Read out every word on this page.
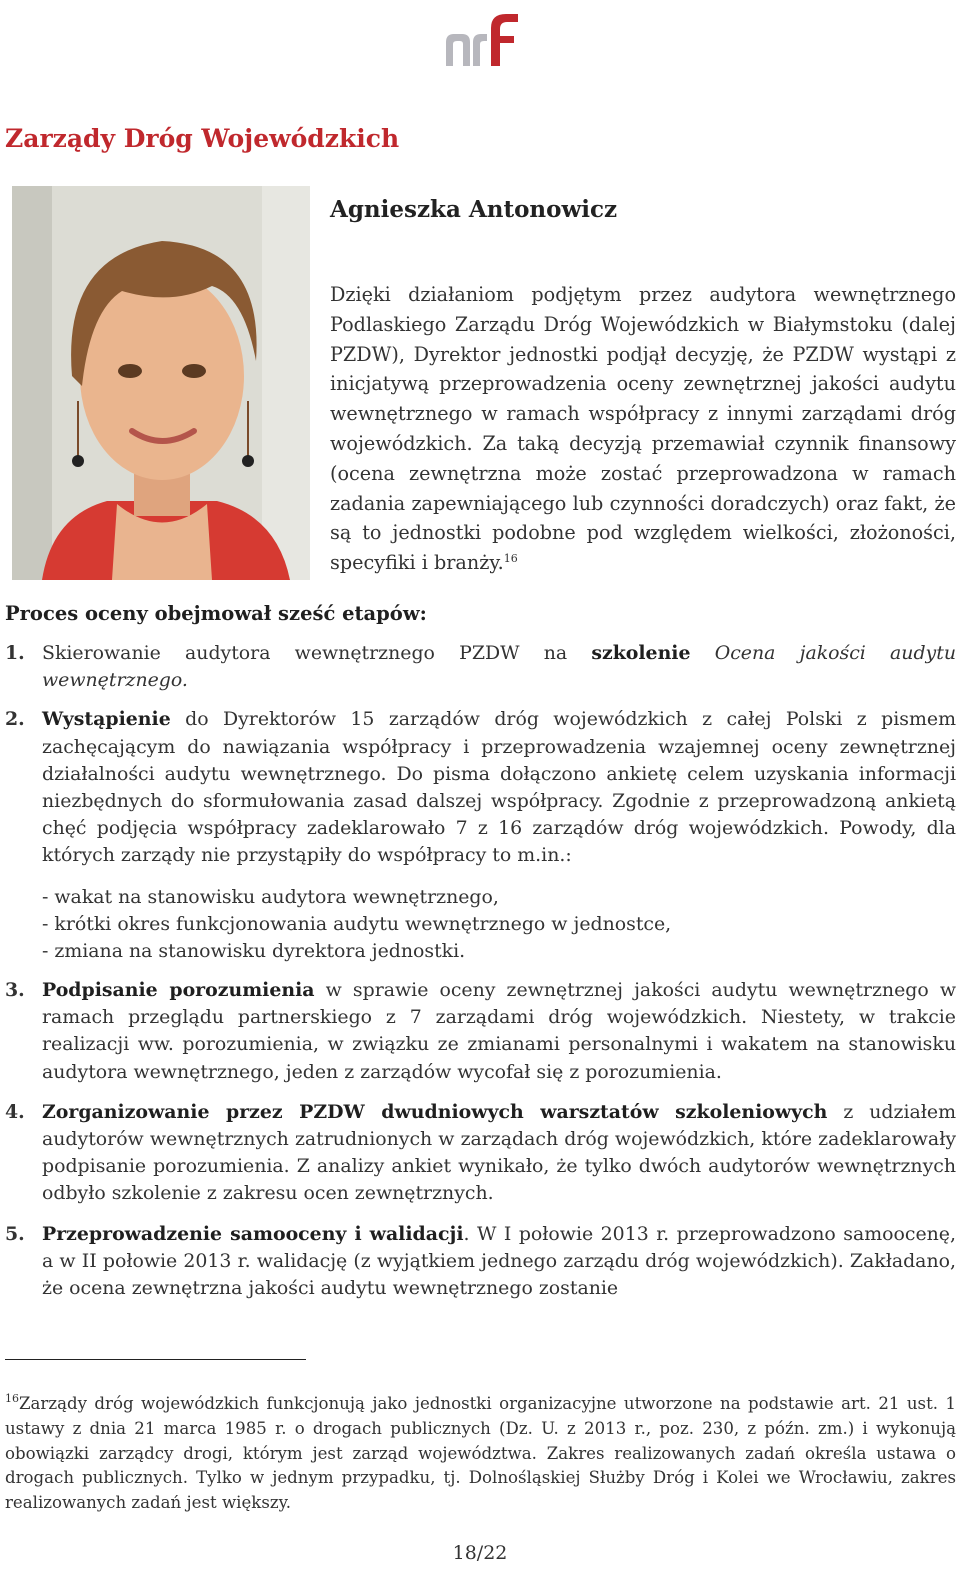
Zarządy Dróg Wojewódzkich
Agnieszka Antonowicz

Dzięki działaniom podjętym przez audytora wewnętrznego Podlaskiego Zarządu Dróg Wojewódzkich w Białymstoku (dalej PZDW), Dyrektor jednostki podjął decyzję, że PZDW wystąpi z inicjatywą przeprowadzenia oceny zewnętrznej jakości audytu wewnętrznego w ramach współpracy z innymi zarządami dróg wojewódzkich. Za taką decyzją przemawiał czynnik finansowy (ocena zewnętrzna może zostać przeprowadzona w ramach zadania zapewniającego lub czynności doradczych) oraz fakt, że są to jednostki podobne pod względem wielkości, złożoności, specyfiki i branży.$^{16}$

Proces oceny obejmował sześć etapów:
1. Skierowanie audytora wewnętrznego PZDW na szkolenie Ocena jakości audytu wewnętrznego.
2. Wystąpienie do Dyrektorów 15 zarządów dróg wojewódzkich z całej Polski z pismem zachęcającym do nawiązania współpracy i przeprowadzenia wzajemnej oceny zewnętrznej działalności audytu wewnętrznego. Do pisma dołączono ankietę celem uzyskania informacji niezbędnych do sformułowania zasad dalszej współpracy. Zgodnie z przeprowadzoną ankietą chęć podjęcia współpracy zadeklarowało 7 z 16 zarządów dróg wojewódzkich. Powody, dla których zarządy nie przystąpiły do współpracy to m.in.:
- wakat na stanowisku audytora wewnętrznego,
- krótki okres funkcjonowania audytu wewnętrznego w jednostce,
- zmiana na stanowisku dyrektora jednostki.
3. Podpisanie porozumienia w sprawie oceny zewnętrznej jakości audytu wewnętrznego w ramach przeglądu partnerskiego z 7 zarządami dróg wojewódzkich. Niestety, w trakcie realizacji ww. porozumienia, w związku ze zmianami personalnymi i wakatem na stanowisku audytora wewnętrznego, jeden z zarządów wycofał się z porozumienia.
4. Zorganizowanie przez PZDW dwudniowych warsztatów szkoleniowych z udziałem audytorów wewnętrznych zatrudnionych w zarządach dróg wojewódzkich, które zadeklarowały podpisanie porozumienia. Z analizy ankiet wynikało, że tylko dwóch audytorów wewnętrznych odbyło szkolenie z zakresu ocen zewnętrznych.
5. Przeprowadzenie samooceny i walidacji. W I połowie 2013 r. przeprowadzono samoocenę, a w II połowie 2013 r. walidację (z wyjątkiem jednego zarządu dróg wojewódzkich). Zakładano, że ocena zewnętrzna jakości audytu wewnętrznego zostanie

$^{16}$Zarządy dróg wojewódzkich funkcjonują jako jednostki organizacyjne utworzone na podstawie art. 21 ust. 1 ustawy z dnia 21 marca 1985 r. o drogach publicznych (Dz. U. z 2013 r., poz. 230, z późn. zm.) i wykonują obowiązki zarządcy drogi, którym jest zarząd województwa. Zakres realizowanych zadań określa ustawa o drogach publicznych. Tylko w jednym przypadku, tj. Dolnośląskiej Służby Dróg i Kolei we Wrocławiu, zakres realizowanych zadań jest większy.

18/22
